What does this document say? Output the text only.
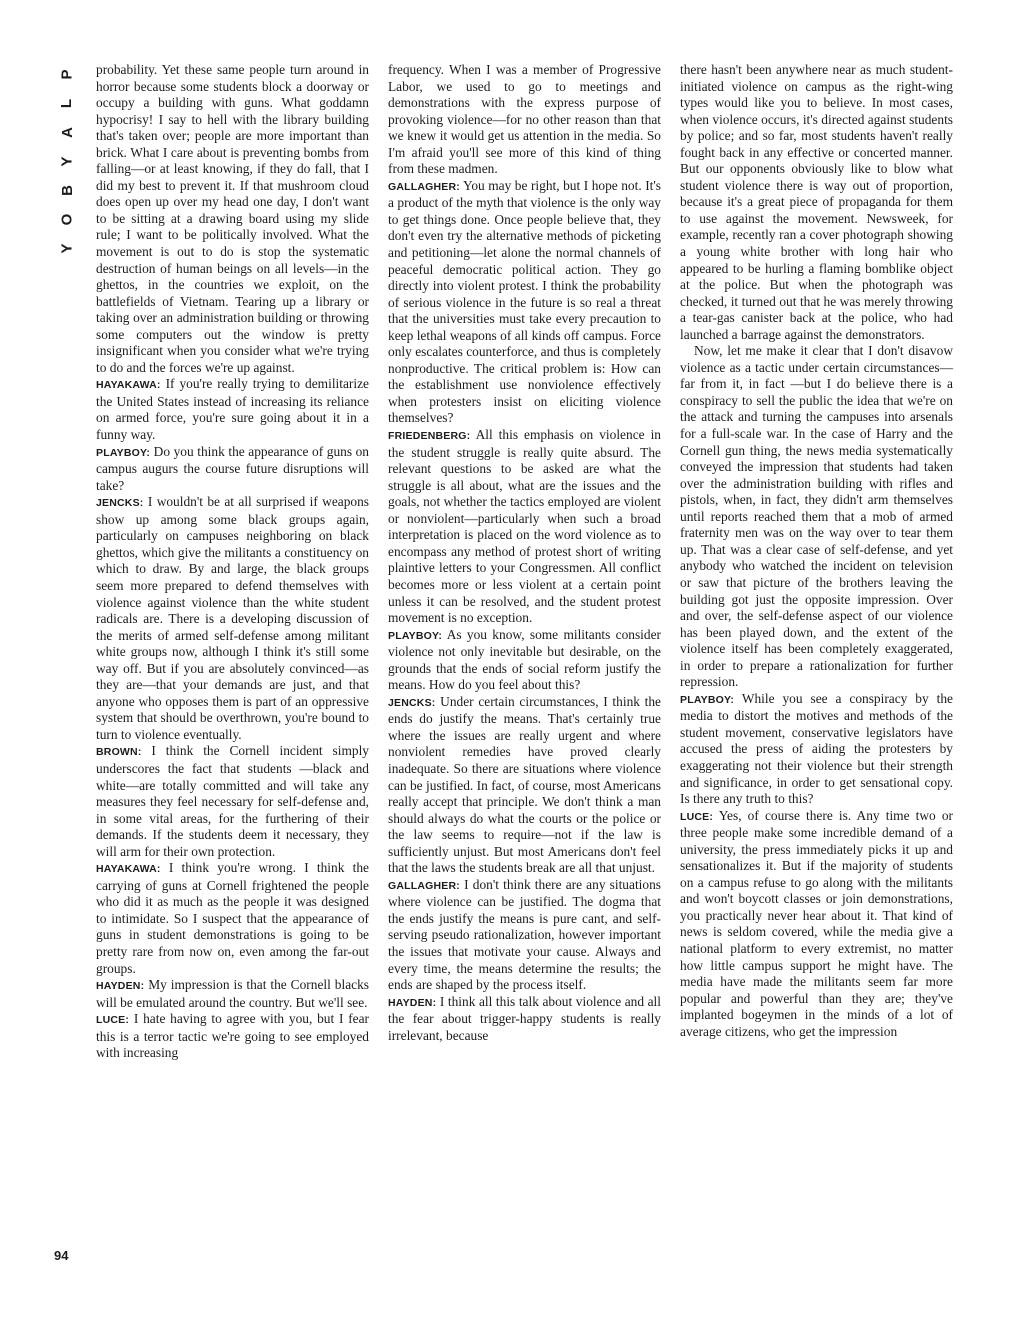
P
L
A
Y
B
O
Y

probability. Yet these same people turn around in horror because some students block a doorway or occupy a building with guns. What goddamn hypocrisy! I say to hell with the library building that's taken over; people are more important than brick. What I care about is preventing bombs from falling—or at least knowing, if they do fall, that I did my best to prevent it. If that mushroom cloud does open up over my head one day, I don't want to be sitting at a drawing board using my slide rule; I want to be politically involved. What the movement is out to do is stop the systematic destruction of human beings on all levels—in the ghettos, in the countries we exploit, on the battlefields of Vietnam. Tearing up a library or taking over an administration building or throwing some computers out the window is pretty insignificant when you consider what we're trying to do and the forces we're up against.

HAYAKAWA: If you're really trying to demilitarize the United States instead of increasing its reliance on armed force, you're sure going about it in a funny way.

PLAYBOY: Do you think the appearance of guns on campus augurs the course future disruptions will take?

JENCKS: I wouldn't be at all surprised if weapons show up among some black groups again, particularly on campuses neighboring on black ghettos, which give the militants a constituency on which to draw. By and large, the black groups seem more prepared to defend themselves with violence against violence than the white student radicals are. There is a developing discussion of the merits of armed self-defense among militant white groups now, although I think it's still some way off. But if you are absolutely convinced—as they are—that your demands are just, and that anyone who opposes them is part of an oppressive system that should be overthrown, you're bound to turn to violence eventually.

BROWN: I think the Cornell incident simply underscores the fact that students —black and white—are totally committed and will take any measures they feel necessary for self-defense and, in some vital areas, for the furthering of their demands. If the students deem it necessary, they will arm for their own protection.

HAYAKAWA: I think you're wrong. I think the carrying of guns at Cornell frightened the people who did it as much as the people it was designed to intimidate. So I suspect that the appearance of guns in student demonstrations is going to be pretty rare from now on, even among the far-out groups.

HAYDEN: My impression is that the Cornell blacks will be emulated around the country. But we'll see.

LUCE: I hate having to agree with you, but I fear this is a terror tactic we're going to see employed with increasing

frequency. When I was a member of Progressive Labor, we used to go to meetings and demonstrations with the express purpose of provoking violence—for no other reason than that we knew it would get us attention in the media. So I'm afraid you'll see more of this kind of thing from these madmen.

GALLAGHER: You may be right, but I hope not. It's a product of the myth that violence is the only way to get things done. Once people believe that, they don't even try the alternative methods of picketing and petitioning—let alone the normal channels of peaceful democratic political action. They go directly into violent protest. I think the probability of serious violence in the future is so real a threat that the universities must take every precaution to keep lethal weapons of all kinds off campus. Force only escalates counterforce, and thus is completely nonproductive. The critical problem is: How can the establishment use nonviolence effectively when protesters insist on eliciting violence themselves?

FRIEDENBERG: All this emphasis on violence in the student struggle is really quite absurd. The relevant questions to be asked are what the struggle is all about, what are the issues and the goals, not whether the tactics employed are violent or nonviolent—particularly when such a broad interpretation is placed on the word violence as to encompass any method of protest short of writing plaintive letters to your Congressmen. All conflict becomes more or less violent at a certain point unless it can be resolved, and the student protest movement is no exception.

PLAYBOY: As you know, some militants consider violence not only inevitable but desirable, on the grounds that the ends of social reform justify the means. How do you feel about this?

JENCKS: Under certain circumstances, I think the ends do justify the means. That's certainly true where the issues are really urgent and where nonviolent remedies have proved clearly inadequate. So there are situations where violence can be justified. In fact, of course, most Americans really accept that principle. We don't think a man should always do what the courts or the police or the law seems to require—not if the law is sufficiently unjust. But most Americans don't feel that the laws the students break are all that unjust.

GALLAGHER: I don't think there are any situations where violence can be justified. The dogma that the ends justify the means is pure cant, and self-serving pseudo rationalization, however important the issues that motivate your cause. Always and every time, the means determine the results; the ends are shaped by the process itself.

HAYDEN: I think all this talk about violence and all the fear about trigger-happy students is really irrelevant, because

there hasn't been anywhere near as much student-initiated violence on campus as the right-wing types would like you to believe. In most cases, when violence occurs, it's directed against students by police; and so far, most students haven't really fought back in any effective or concerted manner. But our opponents obviously like to blow what student violence there is way out of proportion, because it's a great piece of propaganda for them to use against the movement. Newsweek, for example, recently ran a cover photograph showing a young white brother with long hair who appeared to be hurling a flaming bomblike object at the police. But when the photograph was checked, it turned out that he was merely throwing a tear-gas canister back at the police, who had launched a barrage against the demonstrators.

Now, let me make it clear that I don't disavow violence as a tactic under certain circumstances—far from it, in fact —but I do believe there is a conspiracy to sell the public the idea that we're on the attack and turning the campuses into arsenals for a full-scale war. In the case of Harry and the Cornell gun thing, the news media systematically conveyed the impression that students had taken over the administration building with rifles and pistols, when, in fact, they didn't arm themselves until reports reached them that a mob of armed fraternity men was on the way over to tear them up. That was a clear case of self-defense, and yet anybody who watched the incident on television or saw that picture of the brothers leaving the building got just the opposite impression. Over and over, the self-defense aspect of our violence has been played down, and the extent of the violence itself has been completely exaggerated, in order to prepare a rationalization for further repression.

PLAYBOY: While you see a conspiracy by the media to distort the motives and methods of the student movement, conservative legislators have accused the press of aiding the protesters by exaggerating not their violence but their strength and significance, in order to get sensational copy. Is there any truth to this?

LUCE: Yes, of course there is. Any time two or three people make some incredible demand of a university, the press immediately picks it up and sensationalizes it. But if the majority of students on a campus refuse to go along with the militants and won't boycott classes or join demonstrations, you practically never hear about it. That kind of news is seldom covered, while the media give a national platform to every extremist, no matter how little campus support he might have. The media have made the militants seem far more popular and powerful than they are; they've implanted bogeymen in the minds of a lot of average citizens, who get the impression

94
